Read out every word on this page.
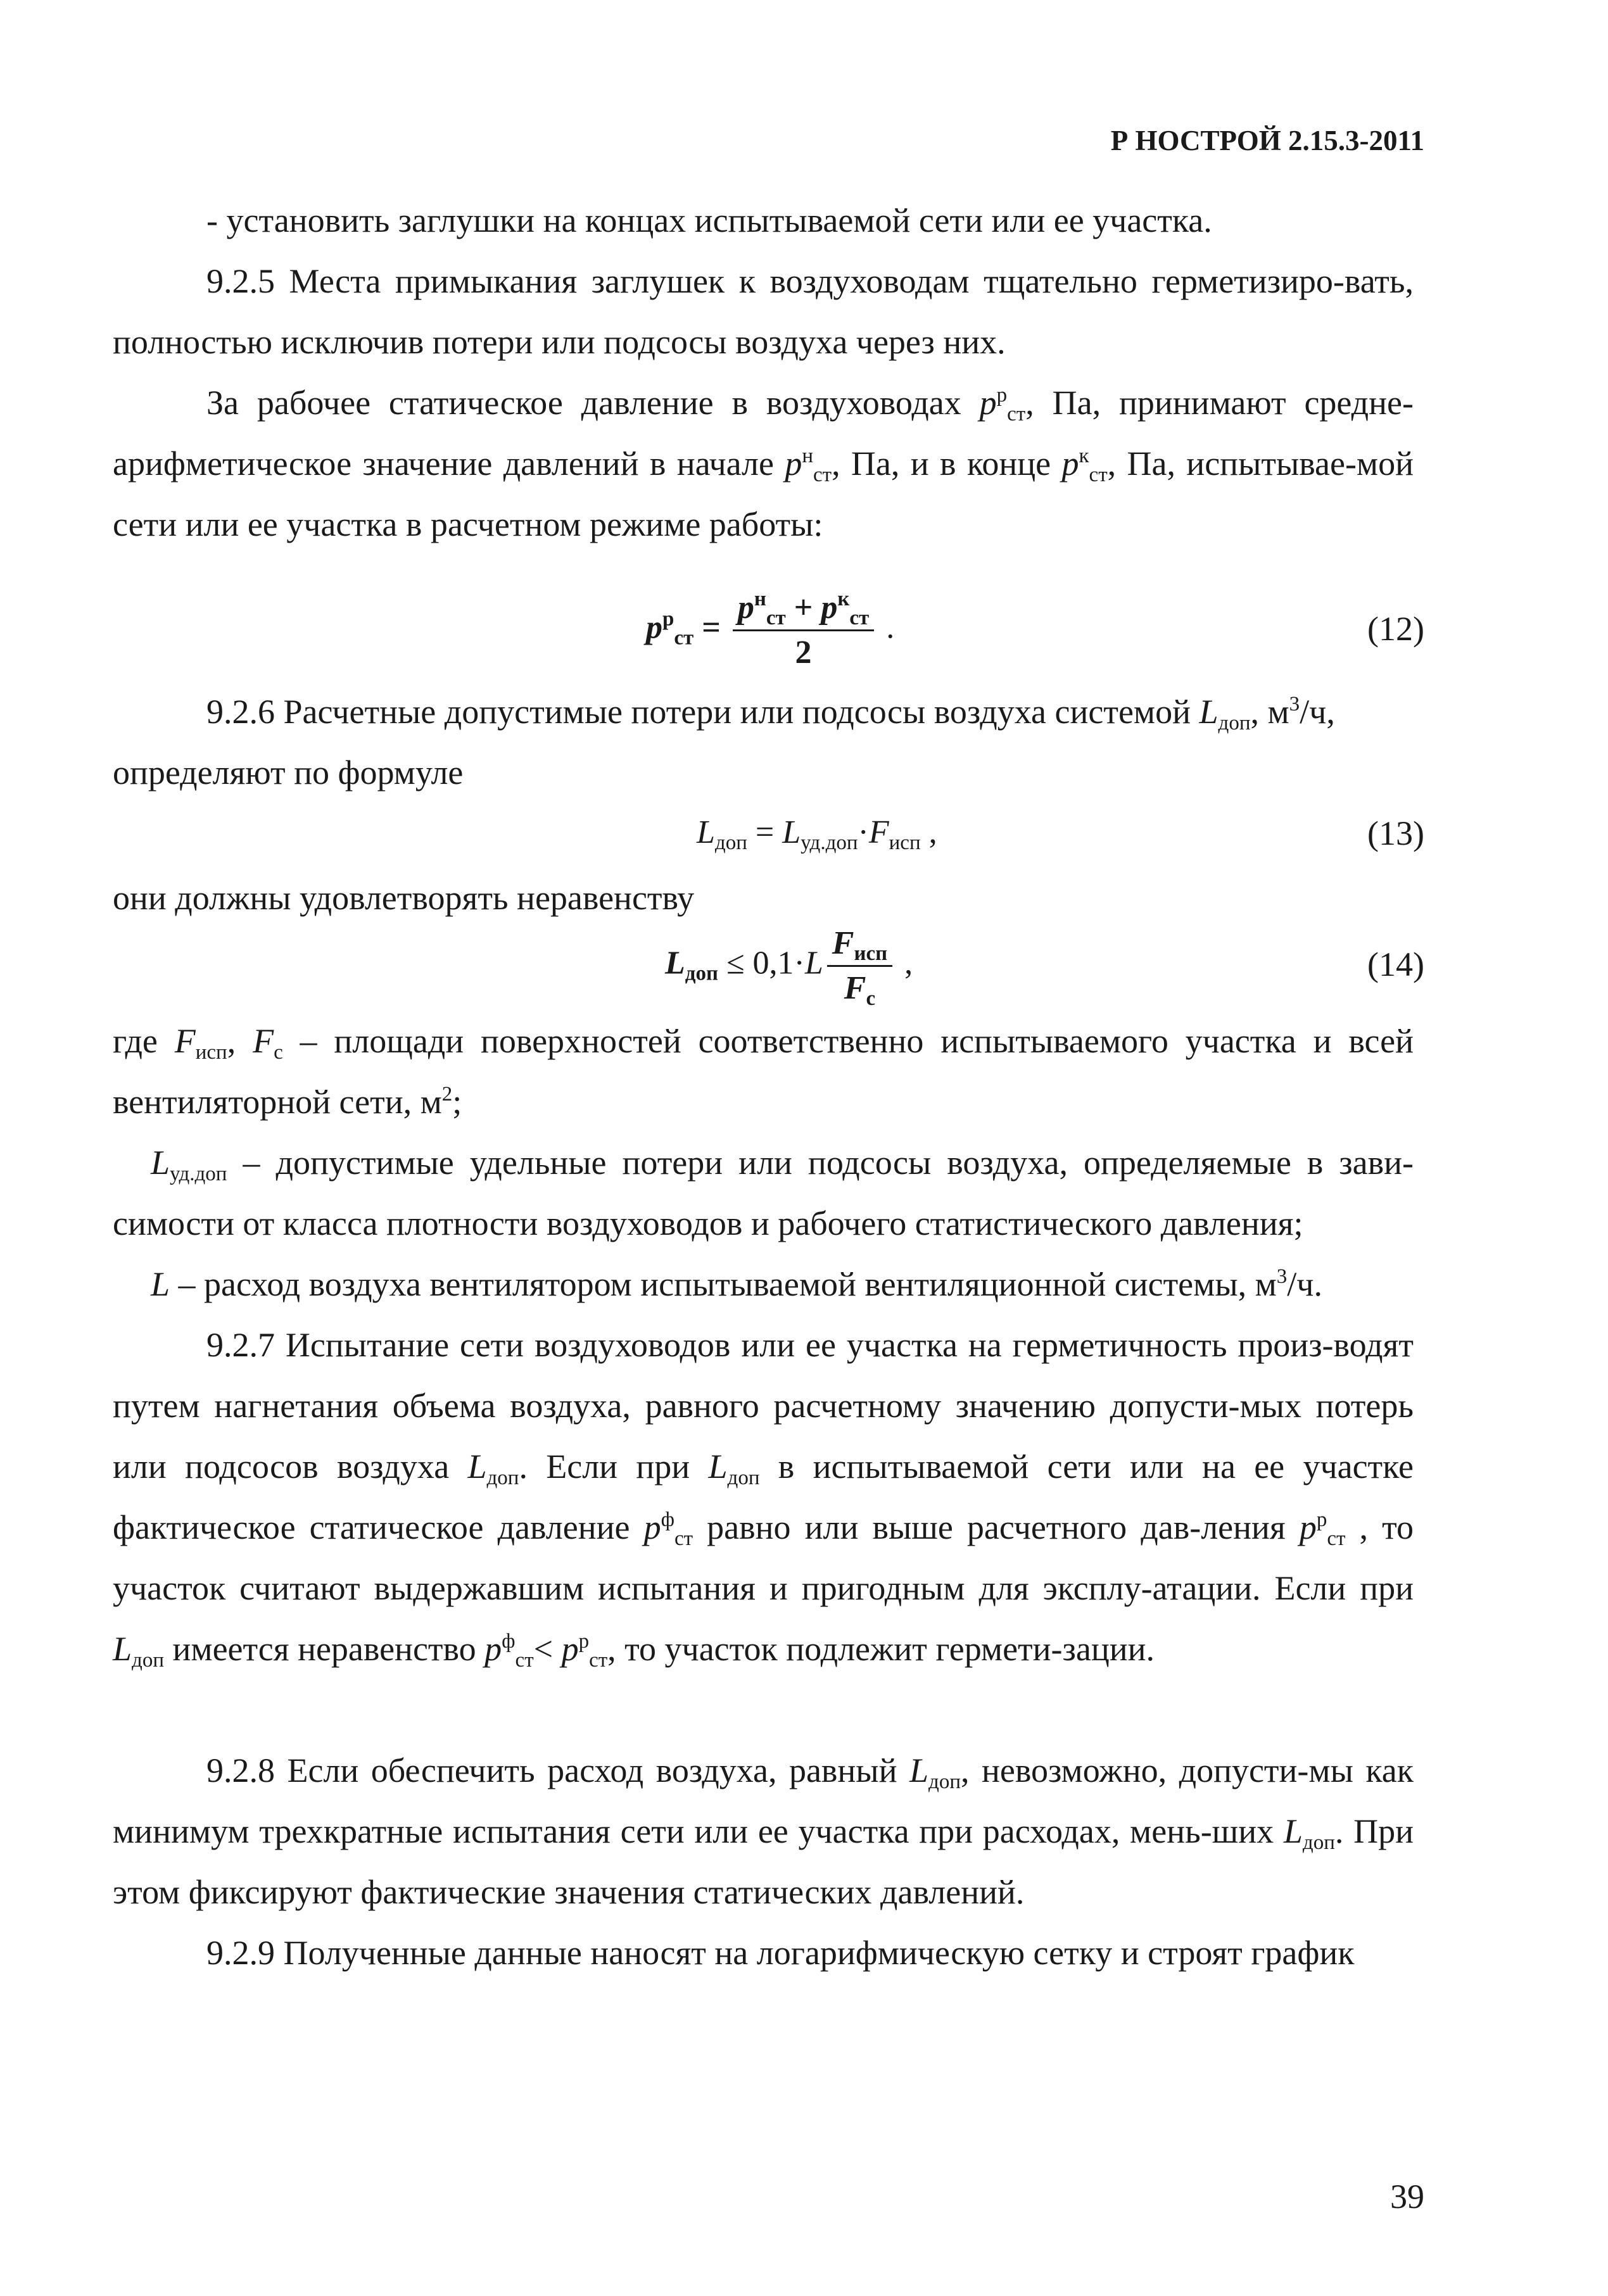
Р НОСТРОЙ 2.15.3-2011
- установить заглушки на концах испытываемой сети или ее участка.
9.2.5 Места примыкания заглушек к воздуховодам тщательно герметизиро-вать, полностью исключив потери или подсосы воздуха через них.
За рабочее статическое давление в воздуховодах $p^р_{ст}$, Па, принимают средне-арифметическое значение давлений в начале $p^н_{ст}$, Па, и в конце $p^к_{ст}$, Па, испытывае-мой сети или ее участка в расчетном режиме работы:
$p^р_{ст} = \frac{p^н_{ст} + p^к_{ст}}{2}$ .	(12)
9.2.6 Расчетные допустимые потери или подсосы воздуха системой $L_{доп}$, $м^3/ч$,
определяют по формуле
$L_{доп} = L_{уд.доп}\cdot F_{исп}$ ,	(13)
они должны удовлетворять неравенству
$L_{доп} \le 0,1\cdot L \frac{F_{исп}}{F_с}$ ,	(14)
где $F_{исп}$, $F_с$ – площади поверхностей соответственно испытываемого участка и всей вентиляторной сети, $м^2$;
$L_{уд.доп}$ – допустимые удельные потери или подсосы воздуха, определяемые в зави-симости от класса плотности воздуховодов и рабочего статистического давления;
L – расход воздуха вентилятором испытываемой вентиляционной системы, $м^3/ч$.
9.2.7 Испытание сети воздуховодов или ее участка на герметичность произ-водят путем нагнетания объема воздуха, равного расчетному значению допусти-мых потерь или подсосов воздуха $L_{доп}$. Если при $L_{доп}$ в испытываемой сети или на ее участке фактическое статическое давление $p^ф_{ст}$ равно или выше расчетного дав-ления $p^р_{ст}$ , то участок считают выдержавшим испытания и пригодным для эксплу-атации. Если при $L_{доп}$ имеется неравенство $p^ф_{ст}< p^р_{ст}$, то участок подлежит гермети-зации.
9.2.8 Если обеспечить расход воздуха, равный $L_{доп}$, невозможно, допусти-мы как минимум трехкратные испытания сети или ее участка при расходах, мень-ших $L_{доп}$. При этом фиксируют фактические значения статических давлений.
9.2.9 Полученные данные наносят на логарифмическую сетку и строят график
39
